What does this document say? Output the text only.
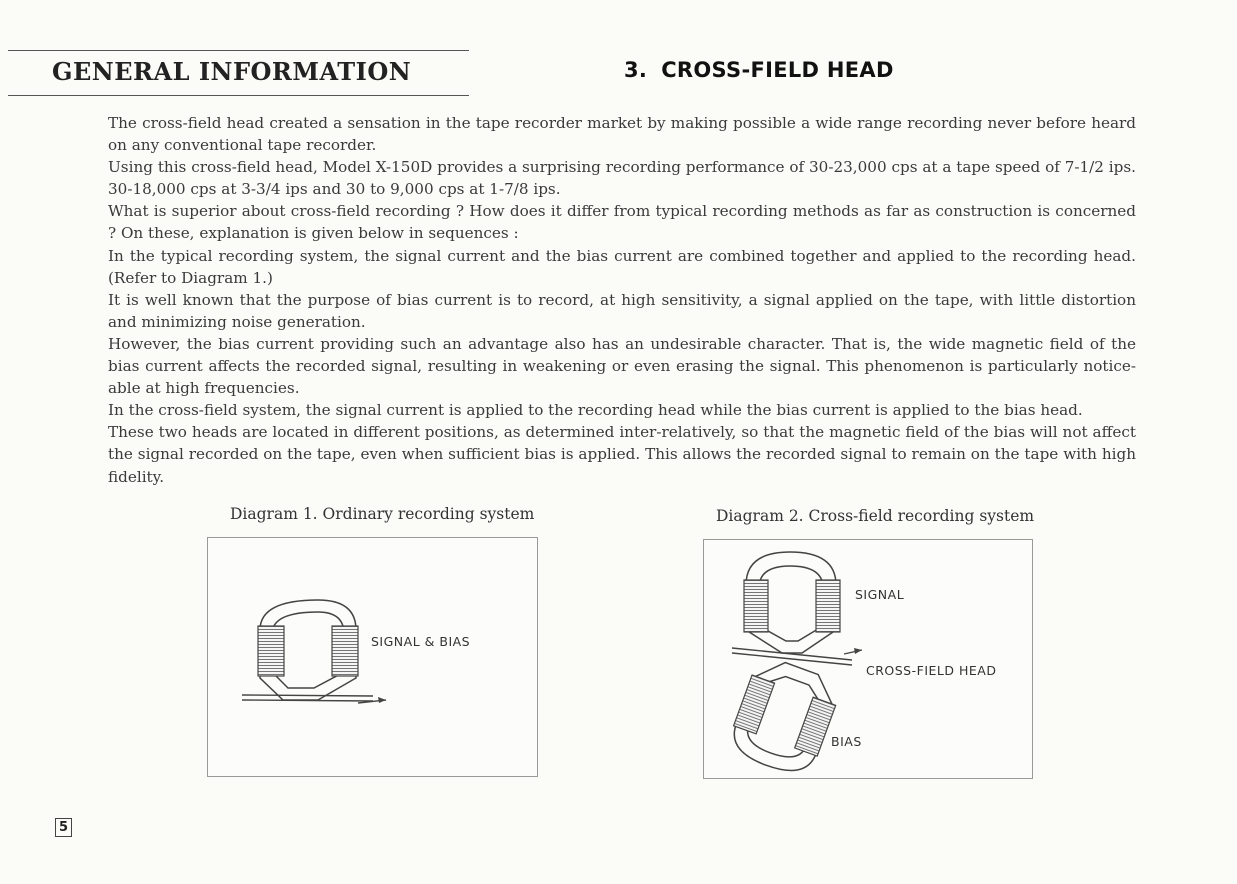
GENERAL INFORMATION	3. CROSS-FIELD HEAD

The cross-field head created a sensation in the tape recorder market by making possible a wide range recording never before heard on any conventional tape recorder.

Using this cross-field head, Model X-150D provides a surprising recording performance of 30-23,000 cps at a tape speed of 7-1/2 ips. 30-18,000 cps at 3-3/4 ips and 30 to 9,000 cps at 1-7/8 ips.

What is superior about cross-field recording ? How does it differ from typical recording methods as far as construction is concerned ? On these, explanation is given below in sequences :

In the typical recording system, the signal current and the bias current are combined together and applied to the recording head. (Refer to Diagram 1.)

It is well known that the purpose of bias current is to record, at high sensitivity, a signal applied on the tape, with little distortion and minimizing noise generation.

However, the bias current providing such an advantage also has an undesirable character. That is, the wide magnetic field of the bias current affects the recorded signal, resulting in weakening or even erasing the signal. This phenomenon is particularly notice-able at high frequencies.

In the cross-field system, the signal current is applied to the recording head while the bias current is applied to the bias head.

These two heads are located in different positions, as determined inter-relatively, so that the magnetic field of the bias will not affect the signal recorded on the tape, even when sufficient bias is applied. This allows the recorded signal to remain on the tape with high fidelity.

Diagram 1. Ordinary recording system
SIGNAL & BIAS
Diagram 2. Cross-field recording system
SIGNAL
CROSS-FIELD HEAD
BIAS
5
